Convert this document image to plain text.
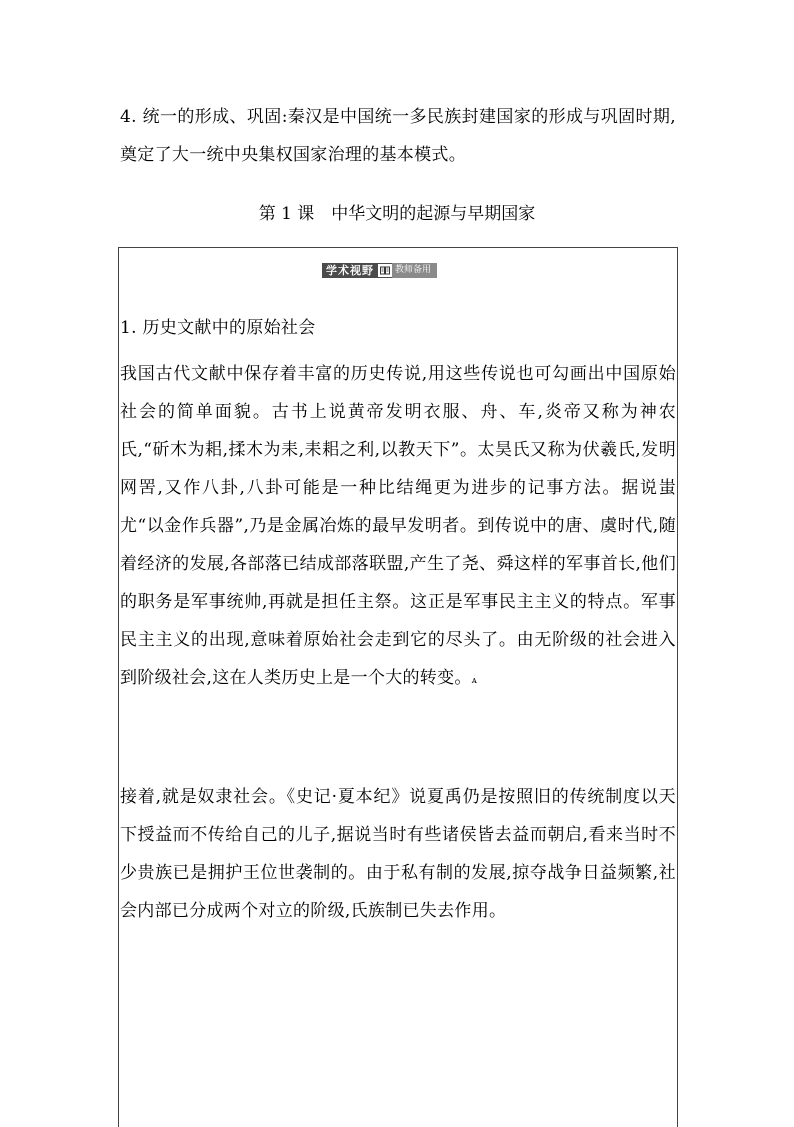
4. 统一的形成、巩固:秦汉是中国统一多民族封建国家的形成与巩固时期,奠定了大一统中央集权国家治理的基本模式。

第 1 课　中华文明的起源与早期国家

学术视野	教师备用

1. 历史文献中的原始社会

我国古代文献中保存着丰富的历史传说,用这些传说也可勾画出中国原始社会的简单面貌。古书上说黄帝发明衣服、舟、车,炎帝又称为神农氏,“斫木为耜,揉木为耒,耒耜之利,以教天下”。太昊氏又称为伏羲氏,发明网罟,又作八卦,八卦可能是一种比结绳更为进步的记事方法。据说蚩尤“以金作兵器”,乃是金属冶炼的最早发明者。到传说中的唐、虞时代,随着经济的发展,各部落已结成部落联盟,产生了尧、舜这样的军事首长,他们的职务是军事统帅,再就是担任主祭。这正是军事民主主义的特点。军事民主主义的出现,意味着原始社会走到它的尽头了。由无阶级的社会进入到阶级社会,这在人类历史上是一个大的转变。ᴀ

接着,就是奴隶社会。《史记·夏本纪》说夏禹仍是按照旧的传统制度以天下授益而不传给自己的儿子,据说当时有些诸侯皆去益而朝启,看来当时不少贵族已是拥护王位世袭制的。由于私有制的发展,掠夺战争日益频繁,社会内部已分成两个对立的阶级,氏族制已失去作用。
